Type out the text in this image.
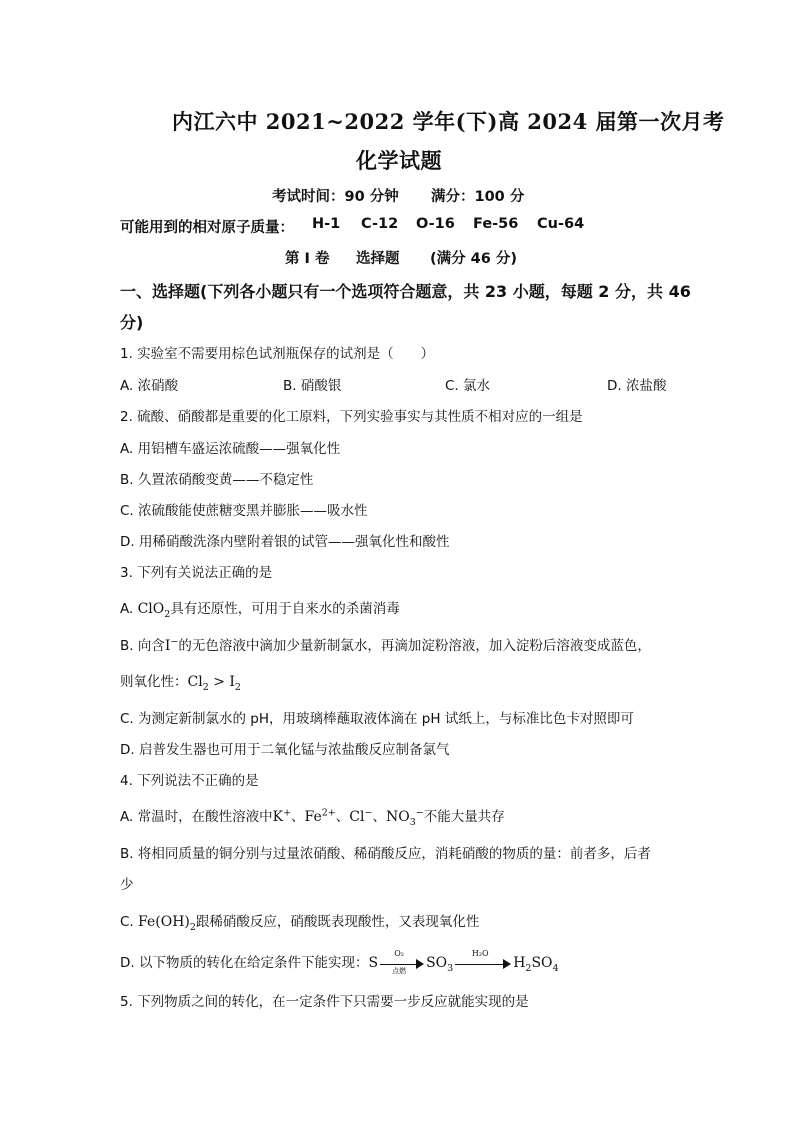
内江六中 2021~2022 学年(下)高 2024 届第一次月考
化学试题
考试时间：90 分钟 满分：100 分
可能用到的相对原子质量： H-1 C-12 O-16 Fe-56 Cu-64
第 I 卷 选择题 (满分 46 分)
一、选择题(下列各小题只有一个选项符合题意，共 23 小题，每题 2 分，共 46
分)
1. 实验室不需要用棕色试剂瓶保存的试剂是（　　）
A. 浓硝酸	B. 硝酸银	C. 氯水	D. 浓盐酸
2. 硫酸、硝酸都是重要的化工原料，下列实验事实与其性质不相对应的一组是
A. 用铝槽车盛运浓硫酸——强氧化性
B. 久置浓硝酸变黄——不稳定性
C. 浓硫酸能使蔗糖变黑并膨胀——吸水性
D. 用稀硝酸洗涤内壁附着银的试管——强氧化性和酸性
3. 下列有关说法正确的是
A. ClO$_2$具有还原性，可用于自来水的杀菌消毒
B. 向含I−的无色溶液中滴加少量新制氯水，再滴加淀粉溶液，加入淀粉后溶液变成蓝色，
则氧化性：$Cl_2 > I_2$
C. 为测定新制氯水的 pH，用玻璃棒蘸取液体滴在 pH 试纸上，与标准比色卡对照即可
D. 启普发生器也可用于二氧化锰与浓盐酸反应制备氯气
4. 下列说法不正确的是
A. 常温时，在酸性溶液中K+、$Fe^{2+}$、Cl−、$NO_3^-$不能大量共存
B. 将相同质量的铜分别与过量浓硝酸、稀硝酸反应，消耗硝酸的物质的量：前者多，后者
少
C. $Fe(OH)_2$跟稀硝酸反应，硝酸既表现酸性，又表现氧化性
D. 以下物质的转化在给定条件下能实现：S
O₂
点燃	$SO_3$
H₂O
$H_2SO_4$
5. 下列物质之间的转化，在一定条件下只需要一步反应就能实现的是
